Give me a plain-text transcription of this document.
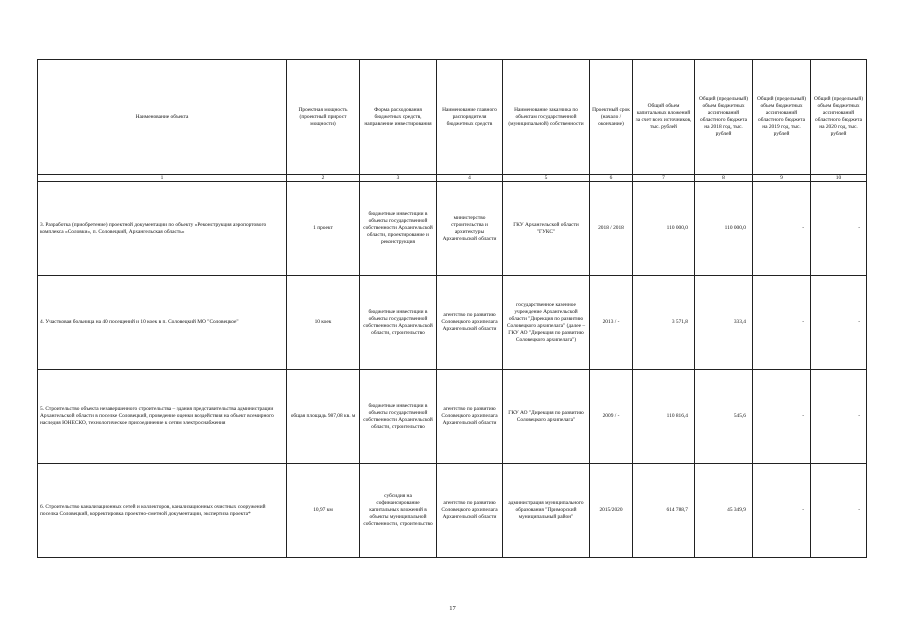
Наименование объекта	Проектная мощность (проектный прирост мощности)	Форма расходования бюджетных средств, направление инвестирования	Наименование главного распорядителя бюджетных средств	Наименование заказчика по объектам государственной (муниципальной) собственности	Проектный срок (начало / окончание)	Общий объем капитальных вложений за счет всех источников, тыс. рублей	Общий (предельный) объем бюджетных ассигнований областного бюджета на 2018 год, тыс. рублей	Общий (предельный) объем бюджетных ассигнований областного бюджета на 2019 год, тыс. рублей	Общий (предельный) объем бюджетных ассигнований областного бюджета на 2020 год, тыс. рублей
1	2	3	4	5	6	7	8	9	10
3. Разработка (приобретение) проектной документации по объекту «Реконструкция аэропортового комплекса «Соловки», п. Соловецкий, Архангельская область»	1 проект	бюджетные инвестиции в объекты государственной собственности Архангельской области, проектирование и реконструкция	министерство строительства и архитектуры Архангельской области	ГКУ Архангельской области "ГУКС"	2018 / 2018	110 000,0	110 000,0	-	-
4. Участковая больница на 40 посещений и 10 коек в п. Соловецкий МО "Соловецкое"	10 коек	бюджетные инвестиции в объекты государственной собственности Архангельской области, строительство	агентство по развитию Соловецкого архипелага Архангельской области	государственное казенное учреждение Архангельской области "Дирекция по развитию Соловецкого архипелага" (далее – ГКУ АО "Дирекция по развитию Соловецкого архипелага")	2013 / -	3 571,8	333,4	-	-
5. Строительство объекта незавершенного строительства – здания представительства администрации Архангельской области в поселке Соловецкий, проведение оценки воздействия на объект всемирного наследия ЮНЕСКО, технологическое присоединение к сетям электроснабжения	общая площадь 987,08 кв. м	бюджетные инвестиции в объекты государственной собственности Архангельской области, строительство	агентство по развитию Соловецкого архипелага Архангельской области	ГКУ АО "Дирекция по развитию Соловецкого архипелага"	2009 / -	110 816,4	545,6	-	-
6. Строительство канализационных сетей и коллекторов, канализационных очистных сооружений поселка Соловецкий, корректировка проектно-сметной документации, экспертиза проекта*	10,97 км	субсидия на софинансирование капитальных вложений в объекты муниципальной собственности, строительство	агентство по развитию Соловецкого архипелага Архангельской области	администрация муниципального образования "Приморский муниципальный район"	2015/2020	614 788,7	45 349,9	-	-
17
